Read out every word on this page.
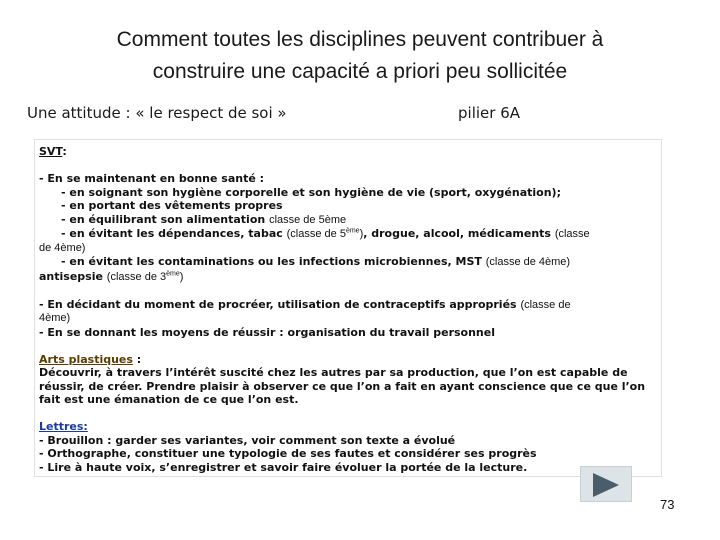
Comment toutes les disciplines peuvent contribuer à
construire une capacité a priori peu sollicitée
Une attitude : « le respect de soi »	pilier 6A

SVT:

- En se maintenant en bonne santé :

- en soignant son hygiène corporelle et son hygiène de vie (sport, oxygénation);

- en portant des vêtements propres

- en équilibrant son alimentation classe de 5ème

- en évitant les dépendances, tabac (classe de 5ème), drogue, alcool, médicaments (classe

de 4ème)

- en évitant les contaminations ou les infections microbiennes, MST (classe de 4ème)

antisepsie (classe de 3ème)

- En décidant du moment de procréer, utilisation de contraceptifs appropriés (classe de

4ème)

- En se donnant les moyens de réussir : organisation du travail personnel

Arts plastiques :

Découvrir, à travers l’intérêt suscité chez les autres par sa production, que l’on est capable de réussir, de créer. Prendre plaisir à observer ce que l’on a fait en ayant conscience que ce que l’on fait est une émanation de ce que l’on est.

Lettres:

- Brouillon : garder ses variantes, voir comment son texte a évolué

- Orthographe, constituer une typologie de ses fautes et considérer ses progrès

- Lire à haute voix, s’enregistrer et savoir faire évoluer la portée de la lecture.

73
